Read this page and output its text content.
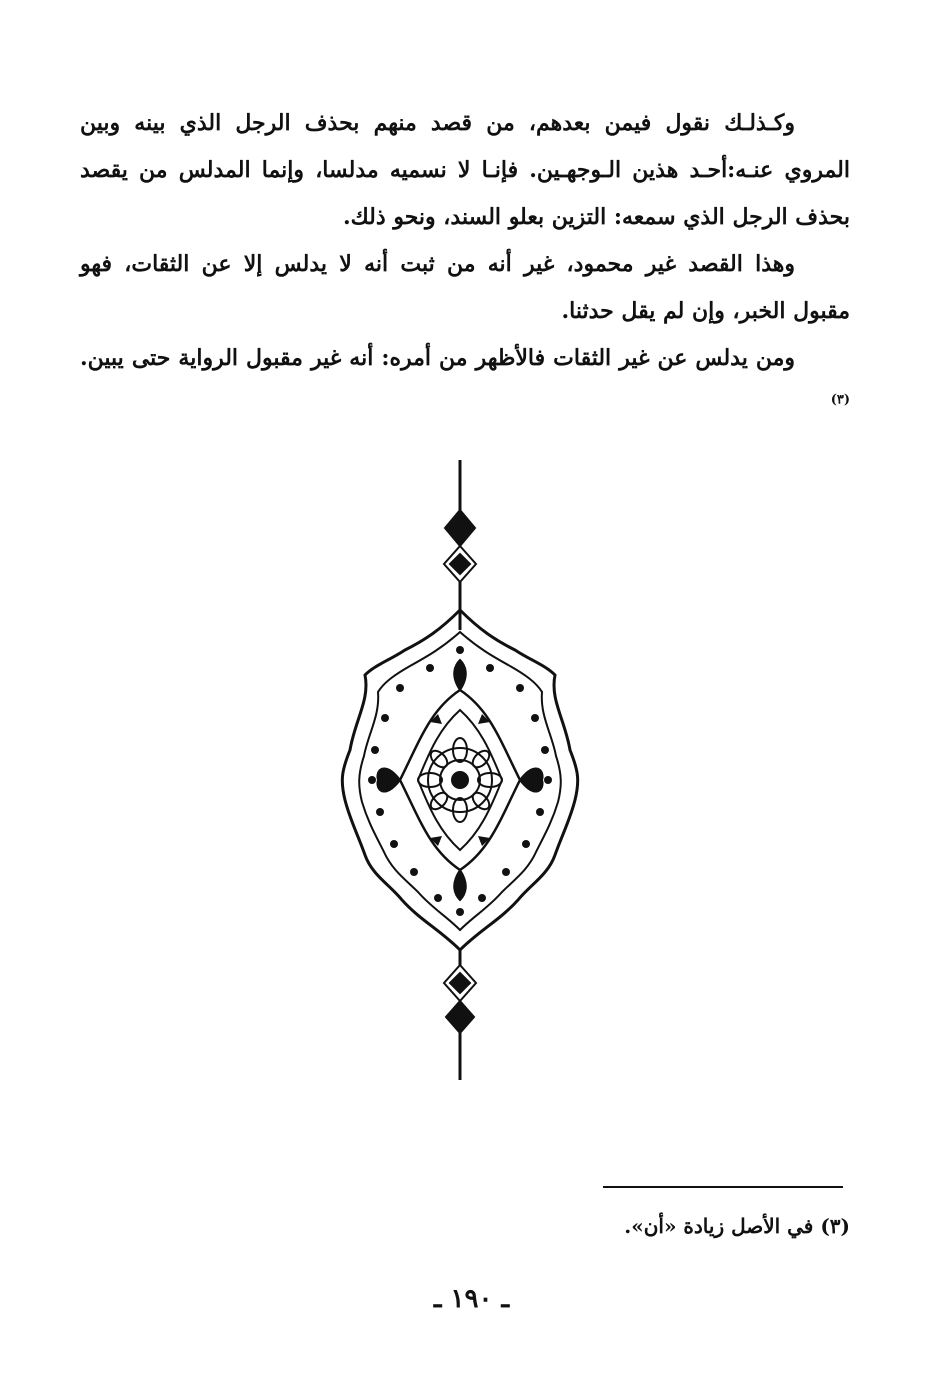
وكـذلـك نقول فيمن بعدهم، من قصد منهم بحذف الرجل الذي بينه وبين المروي عنـه:أحـد هذين الـوجهـين. فإنـا لا نسميه مدلسا، وإنما المدلس من يقصد بحذف الرجل الذي سمعه: التزين بعلو السند، ونحو ذلك.

وهذا القصد غير محمود، غير أنه من ثبت أنه لا يدلس إلا عن الثقات، فهو مقبول الخبر، وإن لم يقل حدثنا.

ومن يدلس عن غير الثقات فالأظهر من أمره: أنه غير مقبول الرواية حتى يبين. $^{(٣)}$

(٣) في الأصل زيادة «أن».
ـ ١٩٠ ـ
